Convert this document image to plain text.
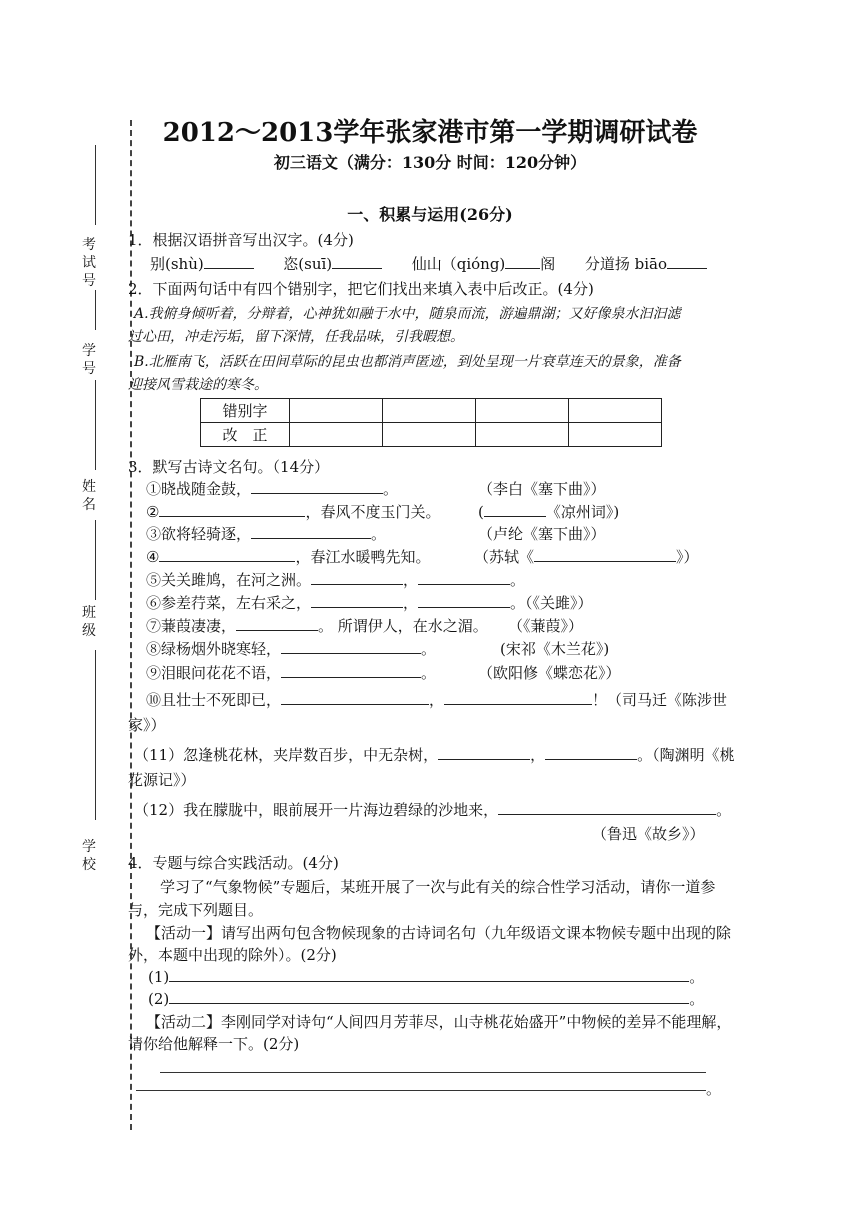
考试号
学号
姓名
班级
学校
2012～2013学年张家港市第一学期调研试卷
初三语文（满分：130分 时间：120分钟）
一、积累与运用(26分)
1．根据汉语拼音写出汉字。(4分)
别(shù)	恣(suī)	仙山（qióng) 阁 分道扬 biāo
2．下面两句话中有四个错别字，把它们找出来填入表中后改正。(4分)
A.我俯身倾听着，分辩着，心神犹如融于水中，随泉而流，游遍鼎湖；又好像泉水汩汩滤
过心田，冲走污垢，留下深情，任我品味，引我暇想。
B.北雁南飞，活跃在田间草际的昆虫也都消声匿迹，到处呈现一片衰草连天的景象，准备
迎接风雪栽途的寒冬。
错别字				
改　正				
3．默写古诗文名句。（14分）
①晓战随金鼓，	。	（李白《塞下曲》）
②	，春风不度玉门关。	(	《凉州词》)
③欲将轻骑逐，	。	（卢纶《塞下曲》）
④	，春江水暖鸭先知。	（苏轼《	》）
⑤关关雎鸠，在河之洲。	，	。
⑥参差荇菜，左右采之，	，	。（《关雎》）
⑦蒹葭凄凄，	。 所谓伊人，在水之湄。 （《蒹葭》）
⑧绿杨烟外晓寒轻，	。	(宋祁《木兰花》)
⑨泪眼问花花不语，	。	（欧阳修《蝶恋花》）
⑩且壮士不死即已，	，	！（司马迁《陈涉世
家》）
（11）忽逢桃花林，夹岸数百步，中无杂树，	，	。（陶渊明《桃
花源记》）
（12）我在朦胧中，眼前展开一片海边碧绿的沙地来，	。
（鲁迅《故乡》）
4．专题与综合实践活动。(4分)
学习了“气象物候”专题后，某班开展了一次与此有关的综合性学习活动，请你一道参
与，完成下列题目。
【活动一】请写出两句包含物候现象的古诗词名句（九年级语文课本物候专题中出现的除
外，本题中出现的除外）。(2分)
(1)	。
(2)	。
【活动二】李刚同学对诗句“人间四月芳菲尽，山寺桃花始盛开”中物候的差异不能理解，
请你给他解释一下。(2分)
。
